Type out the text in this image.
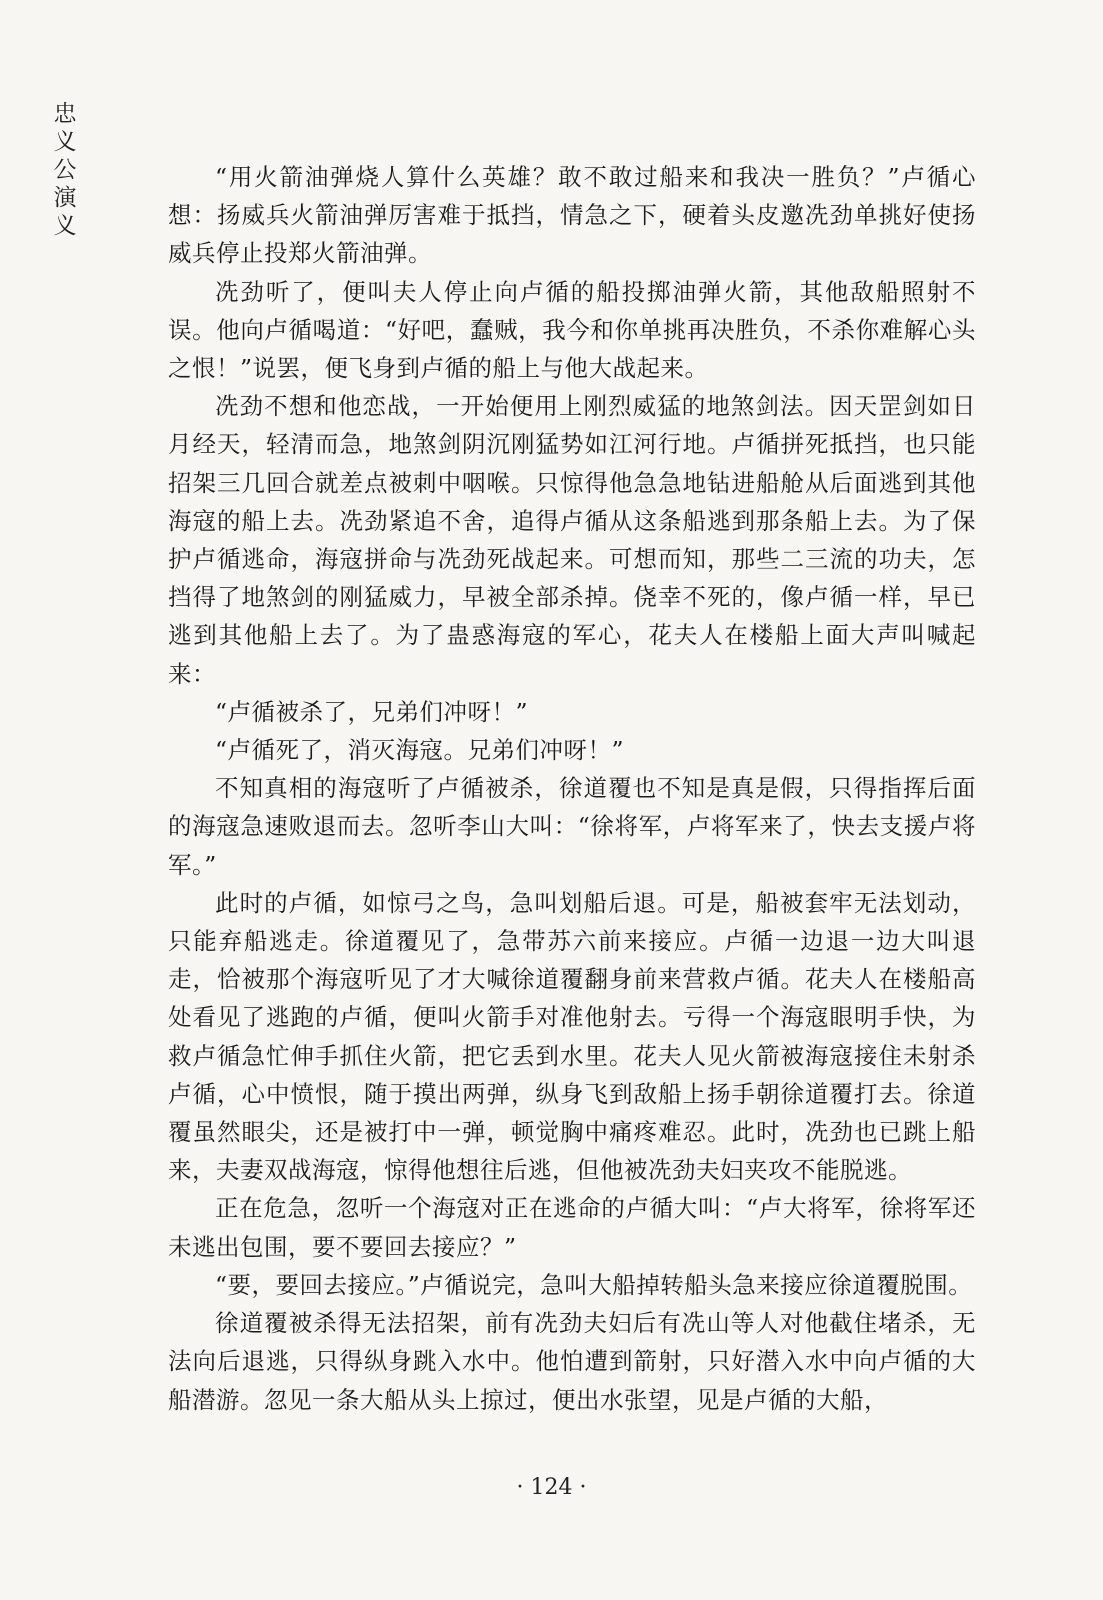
忠
义
公
演
义

“用火箭油弹烧人算什么英雄？敢不敢过船来和我决一胜负？”卢循心想：扬威兵火箭油弹厉害难于抵挡，情急之下，硬着头皮邀冼劲单挑好使扬威兵停止投郑火箭油弹。

冼劲听了，便叫夫人停止向卢循的船投掷油弹火箭，其他敌船照射不误。他向卢循喝道：“好吧，蠢贼，我今和你单挑再决胜负，不杀你难解心头之恨！”说罢，便飞身到卢循的船上与他大战起来。

冼劲不想和他恋战，一开始便用上刚烈威猛的地煞剑法。因天罡剑如日月经天，轻清而急，地煞剑阴沉刚猛势如江河行地。卢循拼死抵挡，也只能招架三几回合就差点被刺中咽喉。只惊得他急急地钻进船舱从后面逃到其他海寇的船上去。冼劲紧追不舍，追得卢循从这条船逃到那条船上去。为了保护卢循逃命，海寇拼命与冼劲死战起来。可想而知，那些二三流的功夫，怎挡得了地煞剑的刚猛威力，早被全部杀掉。侥幸不死的，像卢循一样，早已逃到其他船上去了。为了蛊惑海寇的军心，花夫人在楼船上面大声叫喊起来：

“卢循被杀了，兄弟们冲呀！”

“卢循死了，消灭海寇。兄弟们冲呀！”

不知真相的海寇听了卢循被杀，徐道覆也不知是真是假，只得指挥后面的海寇急速败退而去。忽听李山大叫：“徐将军，卢将军来了，快去支援卢将军。”

此时的卢循，如惊弓之鸟，急叫划船后退。可是，船被套牢无法划动，只能弃船逃走。徐道覆见了，急带苏六前来接应。卢循一边退一边大叫退走，恰被那个海寇听见了才大喊徐道覆翻身前来营救卢循。花夫人在楼船高处看见了逃跑的卢循，便叫火箭手对准他射去。亏得一个海寇眼明手快，为救卢循急忙伸手抓住火箭，把它丢到水里。花夫人见火箭被海寇接住未射杀卢循，心中愤恨，随于摸出两弹，纵身飞到敌船上扬手朝徐道覆打去。徐道覆虽然眼尖，还是被打中一弹，顿觉胸中痛疼难忍。此时，冼劲也已跳上船来，夫妻双战海寇，惊得他想往后逃，但他被冼劲夫妇夹攻不能脱逃。

正在危急，忽听一个海寇对正在逃命的卢循大叫：“卢大将军，徐将军还未逃出包围，要不要回去接应？”

“要，要回去接应。”卢循说完，急叫大船掉转船头急来接应徐道覆脱围。

徐道覆被杀得无法招架，前有冼劲夫妇后有冼山等人对他截住堵杀，无法向后退逃，只得纵身跳入水中。他怕遭到箭射，只好潜入水中向卢循的大船潜游。忽见一条大船从头上掠过，便出水张望，见是卢循的大船，

· 124 ·
